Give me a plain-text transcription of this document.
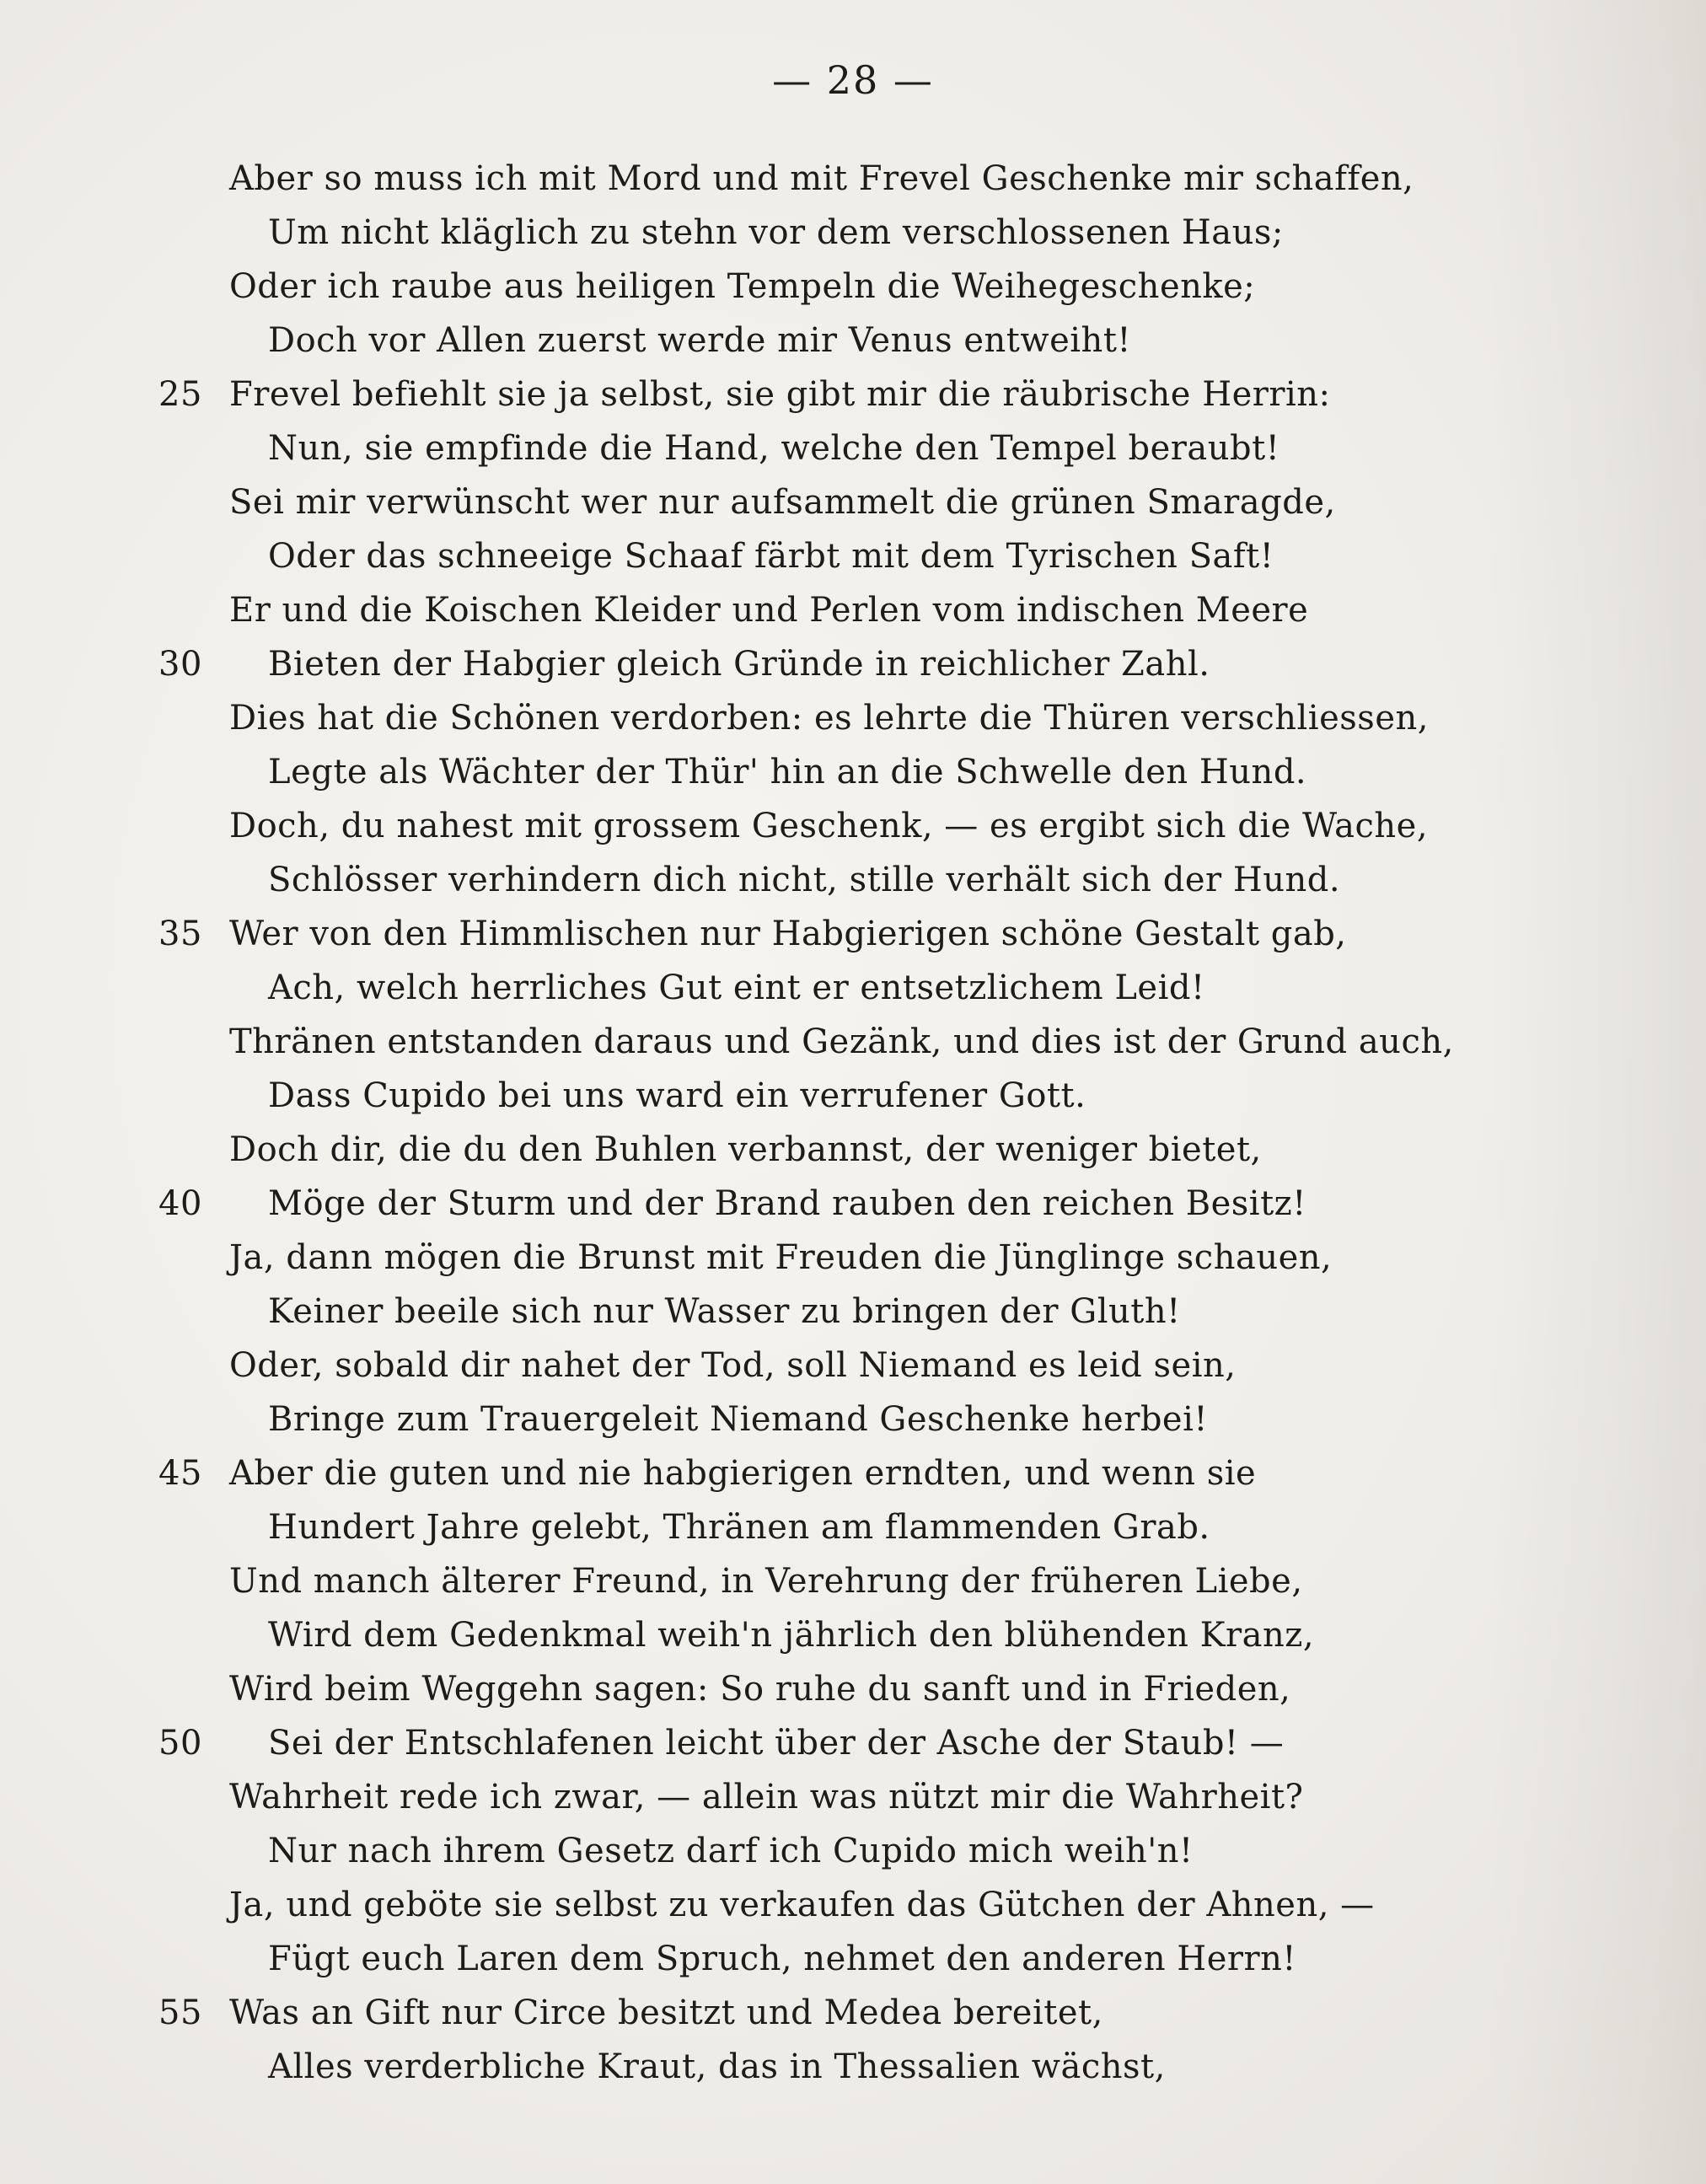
— 28 —
Aber so muss ich mit Mord und mit Frevel Geschenke mir schaffen,
Um nicht kläglich zu stehn vor dem verschlossenen Haus;
Oder ich raube aus heiligen Tempeln die Weihegeschenke;
Doch vor Allen zuerst werde mir Venus entweiht!
25 Frevel befiehlt sie ja selbst, sie gibt mir die räubrische Herrin:
Nun, sie empfinde die Hand, welche den Tempel beraubt!
Sei mir verwünscht wer nur aufsammelt die grünen Smaragde,
Oder das schneeige Schaaf färbt mit dem Tyrischen Saft!
Er und die Koischen Kleider und Perlen vom indischen Meere
30 Bieten der Habgier gleich Gründe in reichlicher Zahl.
Dies hat die Schönen verdorben: es lehrte die Thüren verschliessen,
Legte als Wächter der Thür' hin an die Schwelle den Hund.
Doch, du nahest mit grossem Geschenk, — es ergibt sich die Wache,
Schlösser verhindern dich nicht, stille verhält sich der Hund.
35 Wer von den Himmlischen nur Habgierigen schöne Gestalt gab,
Ach, welch herrliches Gut eint er entsetzlichem Leid!
Thränen entstanden daraus und Gezänk, und dies ist der Grund auch,
Dass Cupido bei uns ward ein verrufener Gott.
Doch dir, die du den Buhlen verbannst, der weniger bietet,
40 Möge der Sturm und der Brand rauben den reichen Besitz!
Ja, dann mögen die Brunst mit Freuden die Jünglinge schauen,
Keiner beeile sich nur Wasser zu bringen der Gluth!
Oder, sobald dir nahet der Tod, soll Niemand es leid sein,
Bringe zum Trauergeleit Niemand Geschenke herbei!
45 Aber die guten und nie habgierigen erndten, und wenn sie
Hundert Jahre gelebt, Thränen am flammenden Grab.
Und manch älterer Freund, in Verehrung der früheren Liebe,
Wird dem Gedenkmal weih'n jährlich den blühenden Kranz,
Wird beim Weggehn sagen: So ruhe du sanft und in Frieden,
50 Sei der Entschlafenen leicht über der Asche der Staub! —
Wahrheit rede ich zwar, — allein was nützt mir die Wahrheit?
Nur nach ihrem Gesetz darf ich Cupido mich weih'n!
Ja, und geböte sie selbst zu verkaufen das Gütchen der Ahnen, —
Fügt euch Laren dem Spruch, nehmet den anderen Herrn!
55 Was an Gift nur Circe besitzt und Medea bereitet,
Alles verderbliche Kraut, das in Thessalien wächst,
